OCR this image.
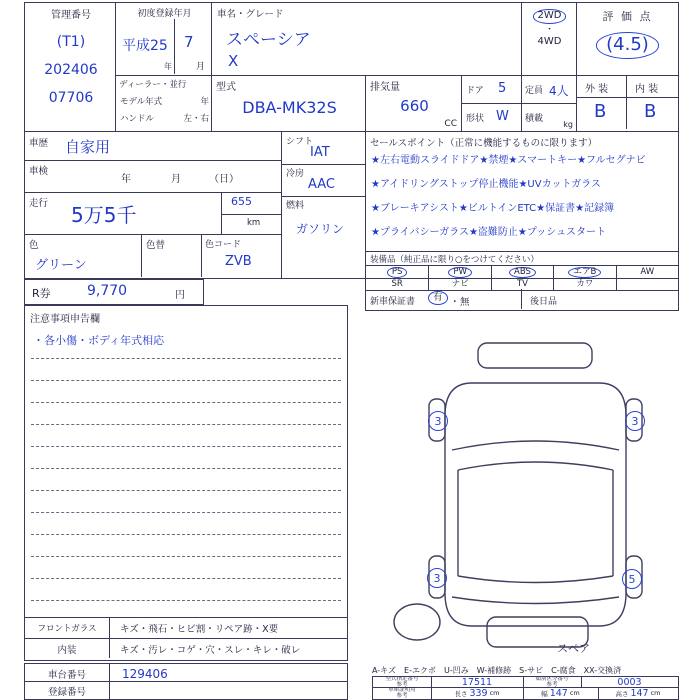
管理番号
(T1)
202406
07706
初度登録年月
平成25
年
7
月
車名・グレード
スペーシア
X
2WD
・
4WD
評 価 点
(4.5)
ディーラー・並行
モデル年式	年
ハンドル	左・右
型式
DBA-MK32S
排気量
660
CC
ドア 5
形状 W
定員 4人
積載
kg
外 装	内 装
B B
車歴 自家用
車検
年	月	（日）
走行 5万5千
655
km
色
グリーン
色替	色コード
ZVB
シフト
IAT
冷房
AAC
燃料
ガソリン
セールスポイント（正常に機能するものに限ります）
★左右電動スライドドア★禁煙★スマートキー★フルセグナビ
★アイドリングストップ停止機能★UVカットガラス
★ブレーキアシスト★ビルトインETC★保証書★記録簿
★プライバシーガラス★盗難防止★プッシュスタート
装備品（純正品に限り○をつけてください）
PS	PW	ABS	エアB	AW
SR	ナビ	TV	カワ
新車保証書	有 ・ 無	後日品
R券	9,770	円
注意事項申告欄
・各小傷・ボディ年式相応
スペア
3	3
3	5
フロントガラス	キズ・飛石・ヒビ割・リペア跡・X要
内装	キズ・汚レ・コゲ・穴・スレ・キレ・破レ
車台番号	129406
登録番号
A-キズ　E-エクボ　U-凹み　W-補修跡　S-サビ　C-腐食　XX-交換済
型式指定番号
参考	17511	類別区分番号
参考	0003
車庫証明用
参考	長さ 339 cm	幅 147 cm	高さ 147 cm
